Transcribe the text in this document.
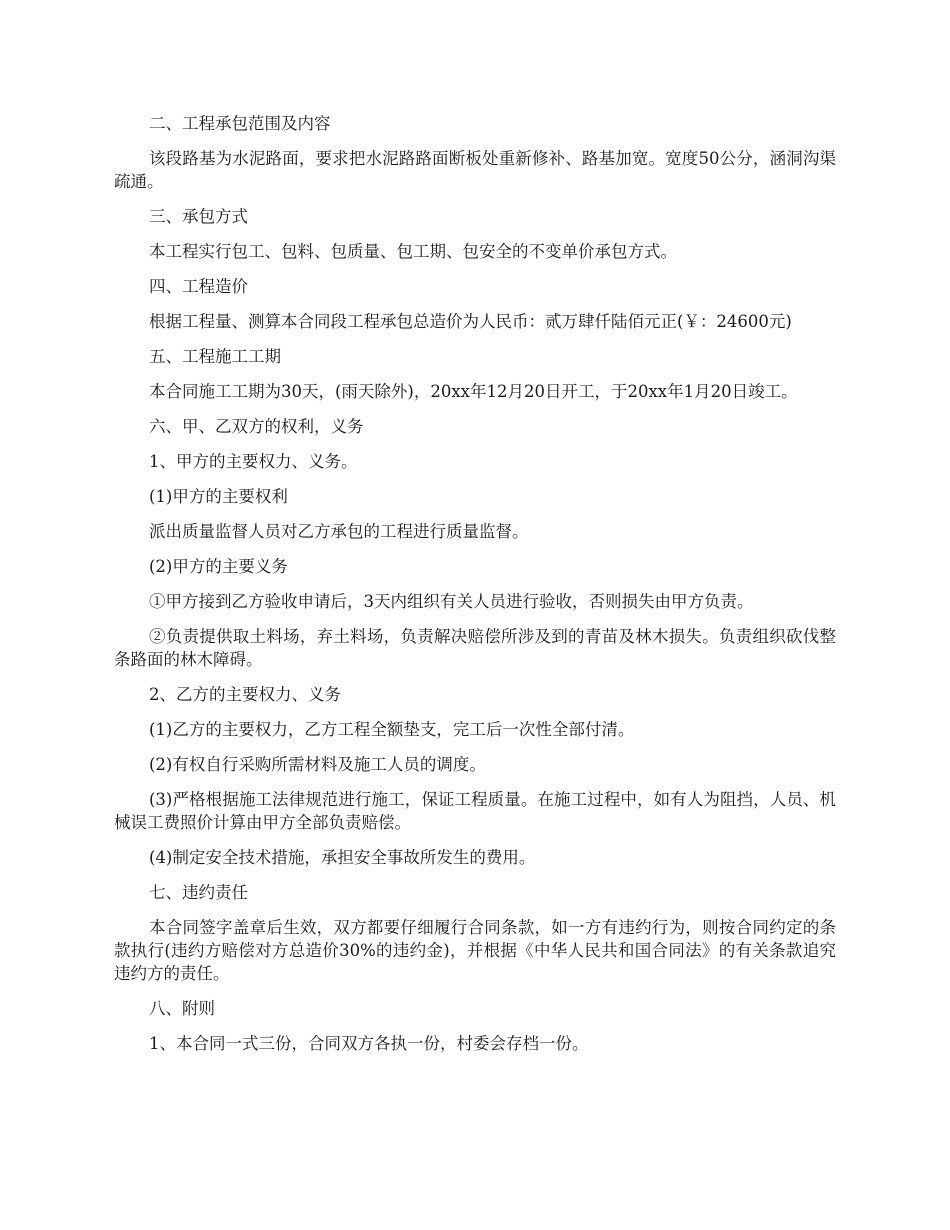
二、工程承包范围及内容

该段路基为水泥路面，要求把水泥路路面断板处重新修补、路基加宽。宽度50公分，涵洞沟渠疏通。

三、承包方式

本工程实行包工、包料、包质量、包工期、包安全的不变单价承包方式。

四、工程造价

根据工程量、测算本合同段工程承包总造价为人民币：贰万肆仟陆佰元正(￥：24600元)

五、工程施工工期

本合同施工工期为30天，(雨天除外)，20xx年12月20日开工，于20xx年1月20日竣工。

六、甲、乙双方的权利，义务

1、甲方的主要权力、义务。

(1)甲方的主要权利

派出质量监督人员对乙方承包的工程进行质量监督。

(2)甲方的主要义务

①甲方接到乙方验收申请后，3天内组织有关人员进行验收，否则损失由甲方负责。

②负责提供取土料场，弃土料场，负责解决赔偿所涉及到的青苗及林木损失。负责组织砍伐整条路面的林木障碍。

2、乙方的主要权力、义务

(1)乙方的主要权力，乙方工程全额垫支，完工后一次性全部付清。

(2)有权自行采购所需材料及施工人员的调度。

(3)严格根据施工法律规范进行施工，保证工程质量。在施工过程中，如有人为阻挡，人员、机械误工费照价计算由甲方全部负责赔偿。

(4)制定安全技术措施，承担安全事故所发生的费用。

七、违约责任

本合同签字盖章后生效，双方都要仔细履行合同条款，如一方有违约行为，则按合同约定的条款执行(违约方赔偿对方总造价30%的违约金)，并根据《中华人民共和国合同法》的有关条款追究违约方的责任。

八、附则

1、本合同一式三份，合同双方各执一份，村委会存档一份。
